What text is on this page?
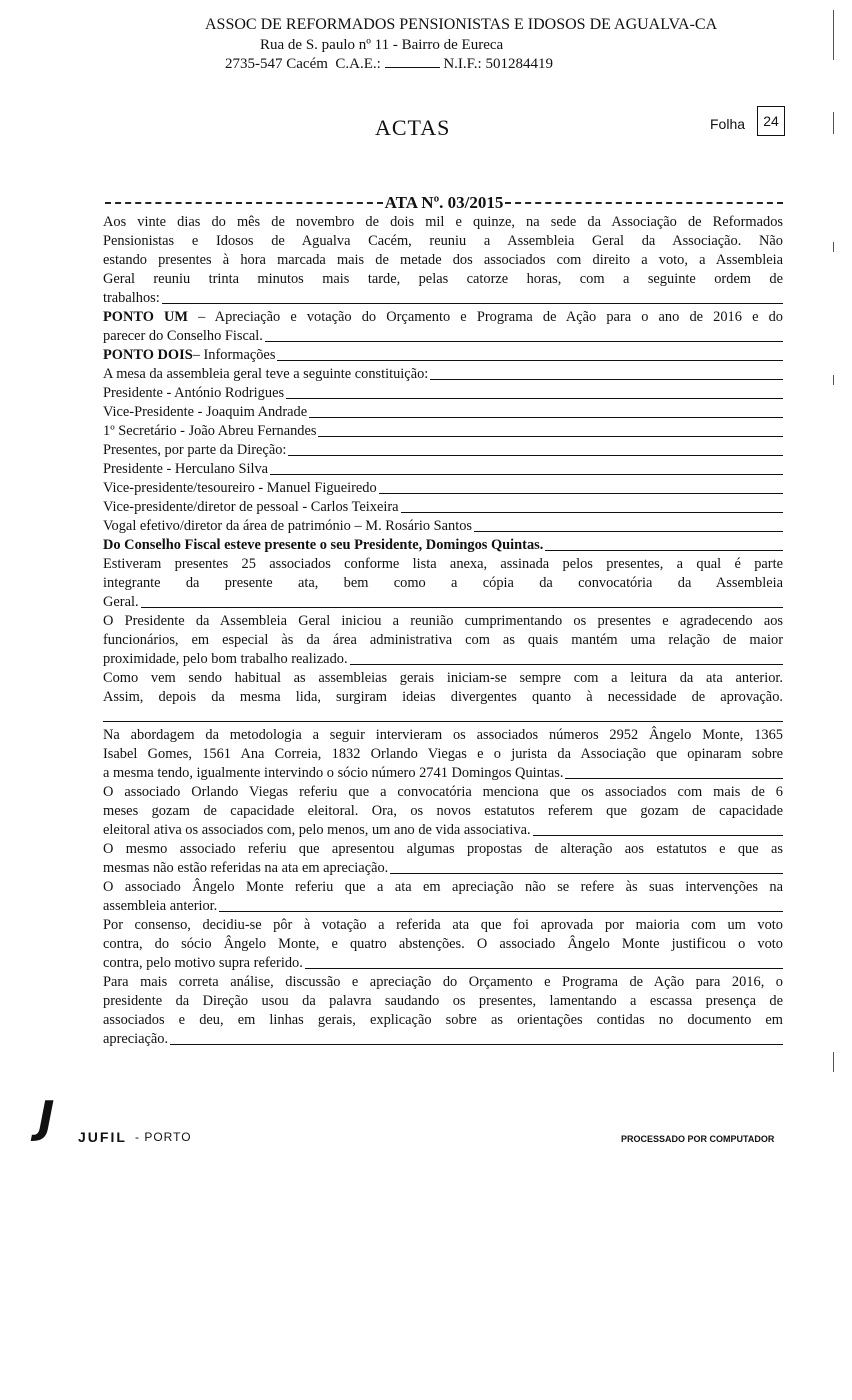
ASSOC DE REFORMADOS PENSIONISTAS E IDOSOS DE AGUALVA-CA
Rua de S. paulo nº 11 - Bairro de Eureca
2735-547 Cacém C.A.E.:	N.I.F.: 501284419
ACTAS	Folha 24
ATA Nº. 03/2015
Aos vinte dias do mês de novembro de dois mil e quinze, na sede da Associação de Reformados
Pensionistas e Idosos de Agualva Cacém, reuniu a Assembleia Geral da Associação. Não
estando presentes à hora marcada mais de metade dos associados com direito a voto, a Assembleia
Geral reuniu trinta minutos mais tarde, pelas catorze horas, com a seguinte ordem de
trabalhos:
PONTO UM – Apreciação e votação do Orçamento e Programa de Ação para o ano de 2016 e do
parecer do Conselho Fiscal.
PONTO DOIS – Informações
A mesa da assembleia geral teve a seguinte constituição:
Presidente - António Rodrigues
Vice-Presidente - Joaquim Andrade
1º Secretário - João Abreu Fernandes
Presentes, por parte da Direção:
Presidente - Herculano Silva
Vice-presidente/tesoureiro - Manuel Figueiredo
Vice-presidente/diretor de pessoal - Carlos Teixeira
Vogal efetivo/diretor da área de património – M. Rosário Santos
Do Conselho Fiscal esteve presente o seu Presidente, Domingos Quintas.
Estiveram presentes 25 associados conforme lista anexa, assinada pelos presentes, a qual é parte
integrante da presente ata, bem como a cópia da convocatória da Assembleia
Geral.
O Presidente da Assembleia Geral iniciou a reunião cumprimentando os presentes e agradecendo aos
funcionários, em especial às da área administrativa com as quais mantém uma relação de maior
proximidade, pelo bom trabalho realizado.
Como vem sendo habitual as assembleias gerais iniciam-se sempre com a leitura da ata anterior.
Assim, depois da mesma lida, surgiram ideias divergentes quanto à necessidade de aprovação.
Na abordagem da metodologia a seguir intervieram os associados números 2952 Ângelo Monte, 1365
Isabel Gomes, 1561 Ana Correia, 1832 Orlando Viegas e o jurista da Associação que opinaram sobre
a mesma tendo, igualmente intervindo o sócio número 2741 Domingos Quintas.
O associado Orlando Viegas referiu que a convocatória menciona que os associados com mais de 6
meses gozam de capacidade eleitoral. Ora, os novos estatutos referem que gozam de capacidade
eleitoral ativa os associados com, pelo menos, um ano de vida associativa.
O mesmo associado referiu que apresentou algumas propostas de alteração aos estatutos e que as
mesmas não estão referidas na ata em apreciação.
O associado Ângelo Monte referiu que a ata em apreciação não se refere às suas intervenções na
assembleia anterior.
Por consenso, decidiu-se pôr à votação a referida ata que foi aprovada por maioria com um voto
contra, do sócio Ângelo Monte, e quatro abstenções. O associado Ângelo Monte justificou o voto
contra, pelo motivo supra referido.
Para mais correta análise, discussão e apreciação do Orçamento e Programa de Ação para 2016, o
presidente da Direção usou da palavra saudando os presentes, lamentando a escassa presença de
associados e deu, em linhas gerais, explicação sobre as orientações contidas no documento em
apreciação.
J JUFIL - PORTO	PROCESSADO POR COMPUTADOR
